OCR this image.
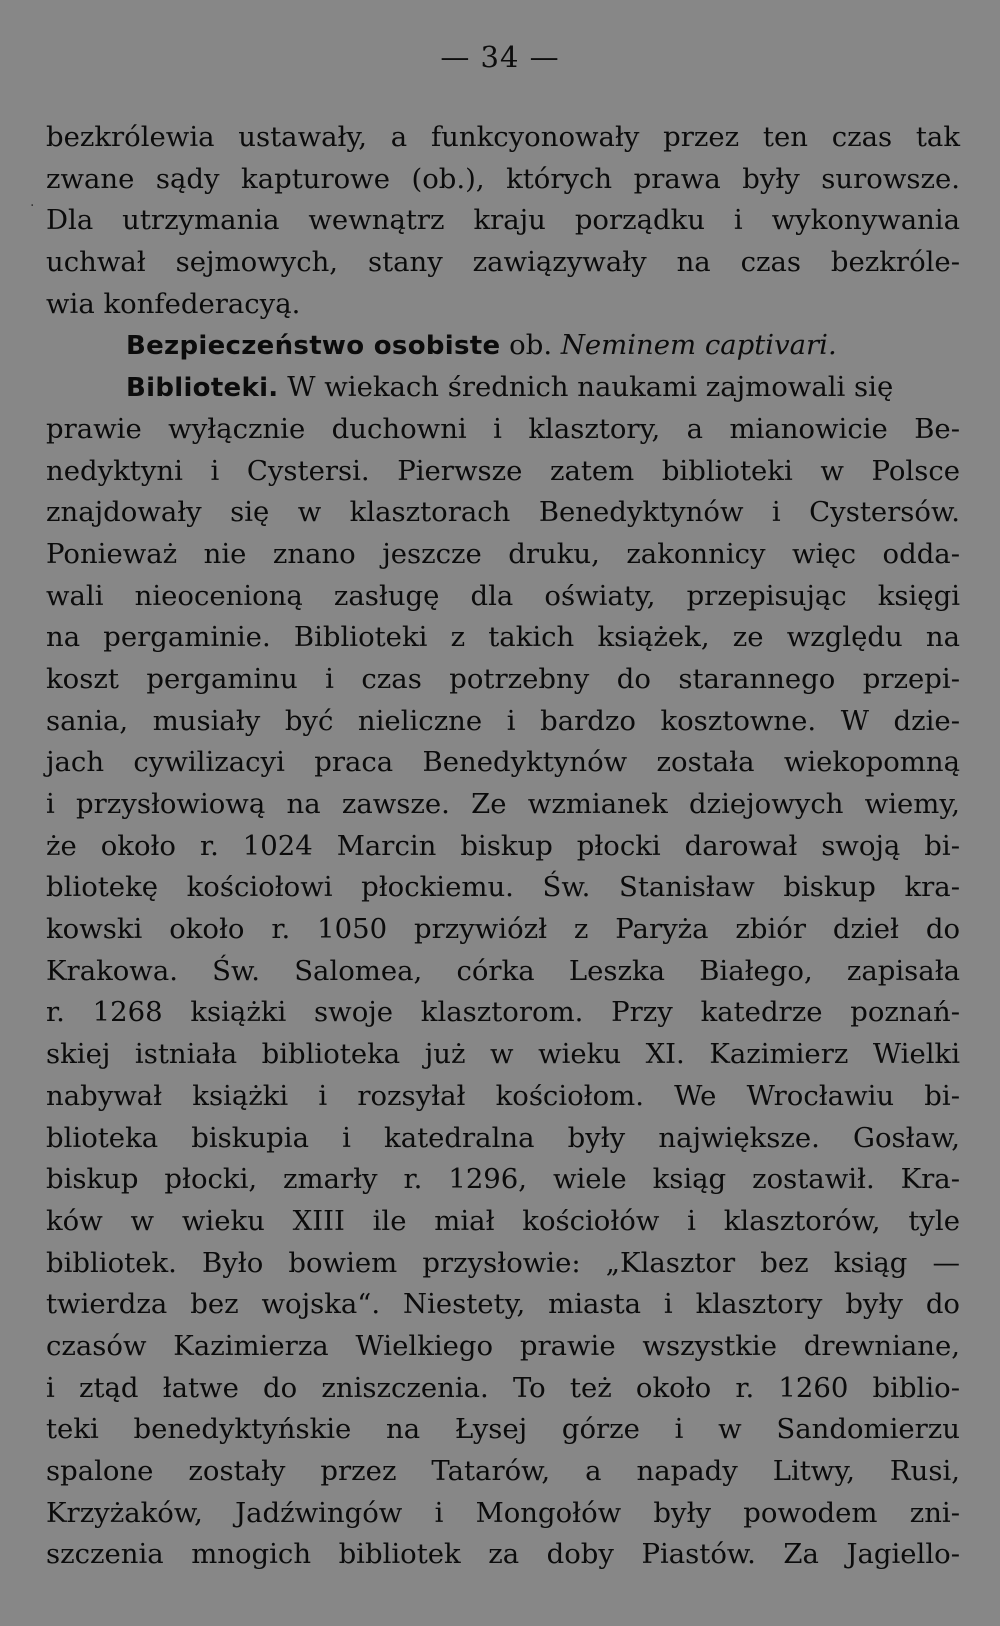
— 34 —
·
bezkrólewia ustawały, a funkcyonowały przez ten czas tak
zwane sądy kapturowe (ob.), których prawa były surowsze.
Dla utrzymania wewnątrz kraju porządku i wykonywania
uchwał sejmowych, stany zawiązywały na czas bezkróle-
wia konfederacyą.
Bezpieczeństwo osobiste ob. Neminem captivari.
Biblioteki. W wiekach średnich naukami zajmowali się
prawie wyłącznie duchowni i klasztory, a mianowicie Be-
nedyktyni i Cystersi. Pierwsze zatem biblioteki w Polsce
znajdowały się w klasztorach Benedyktynów i Cystersów.
Ponieważ nie znano jeszcze druku, zakonnicy więc odda-
wali nieocenioną zasługę dla oświaty, przepisując księgi
na pergaminie. Biblioteki z takich książek, ze względu na
koszt pergaminu i czas potrzebny do starannego przepi-
sania, musiały być nieliczne i bardzo kosztowne. W dzie-
jach cywilizacyi praca Benedyktynów została wiekopomną
i przysłowiową na zawsze. Ze wzmianek dziejowych wiemy,
że około r. 1024 Marcin biskup płocki darował swoją bi-
bliotekę kościołowi płockiemu. Św. Stanisław biskup kra-
kowski około r. 1050 przywiózł z Paryża zbiór dzieł do
Krakowa. Św. Salomea, córka Leszka Białego, zapisała
r. 1268 książki swoje klasztorom. Przy katedrze poznań-
skiej istniała biblioteka już w wieku XI. Kazimierz Wielki
nabywał książki i rozsyłał kościołom. We Wrocławiu bi-
blioteka biskupia i katedralna były największe. Gosław,
biskup płocki, zmarły r. 1296, wiele ksiąg zostawił. Kra-
ków w wieku XIII ile miał kościołów i klasztorów, tyle
bibliotek. Było bowiem przysłowie: „Klasztor bez ksiąg —
twierdza bez wojska“. Niestety, miasta i klasztory były do
czasów Kazimierza Wielkiego prawie wszystkie drewniane,
i ztąd łatwe do zniszczenia. To też około r. 1260 biblio-
teki benedyktyńskie na Łysej górze i w Sandomierzu
spalone zostały przez Tatarów, a napady Litwy, Rusi,
Krzyżaków, Jadźwingów i Mongołów były powodem zni-
szczenia mnogich bibliotek za doby Piastów. Za Jagiello-
